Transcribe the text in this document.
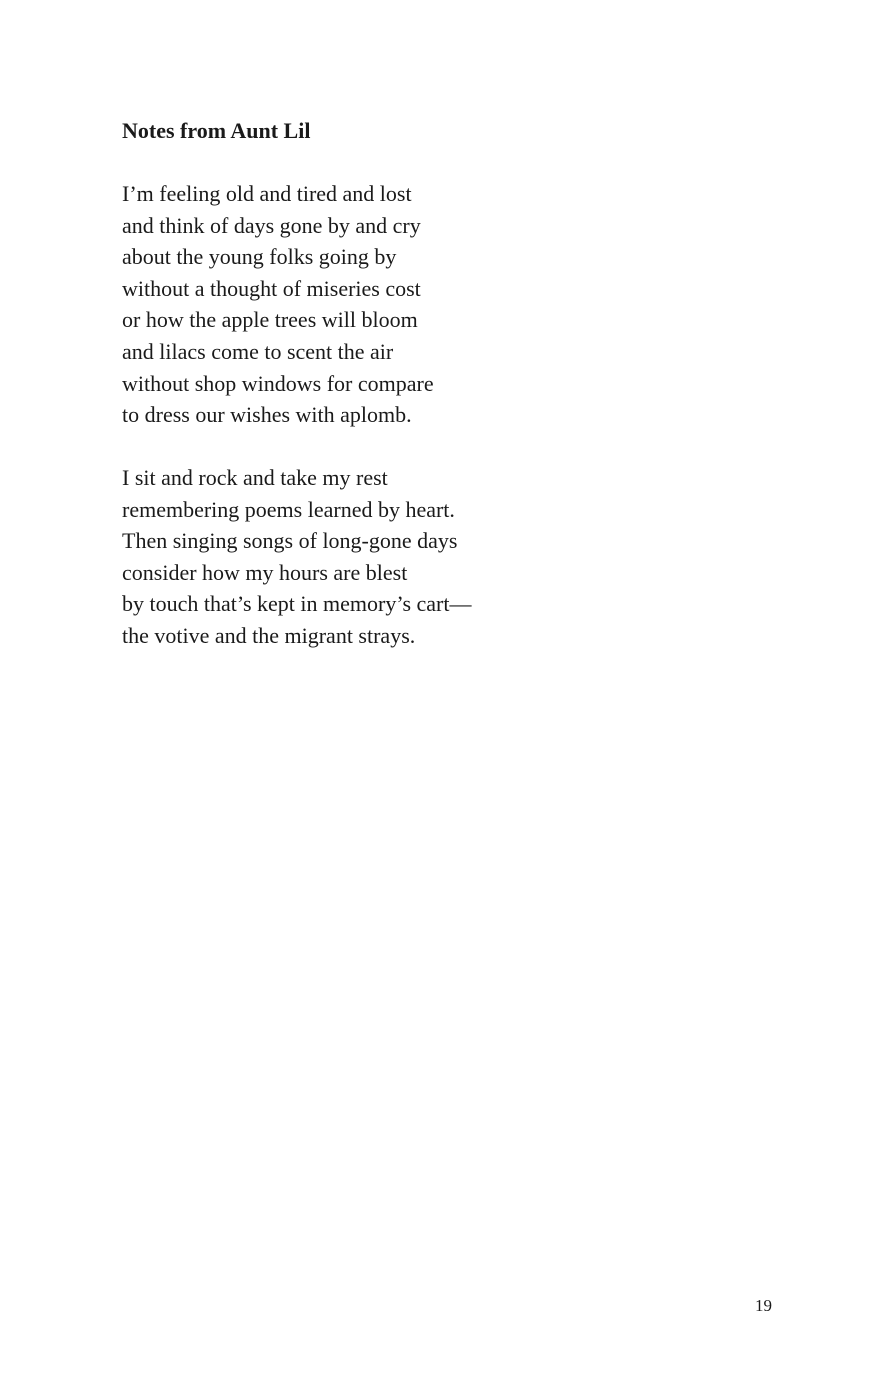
Notes from Aunt Lil
I’m feeling old and tired and lost
and think of days gone by and cry
about the young folks going by
without a thought of miseries cost
or how the apple trees will bloom
and lilacs come to scent the air
without shop windows for compare
to dress our wishes with aplomb.
I sit and rock and take my rest
remembering poems learned by heart.
Then singing songs of long-gone days
consider how my hours are blest
by touch that’s kept in memory’s cart—
the votive and the migrant strays.
19
